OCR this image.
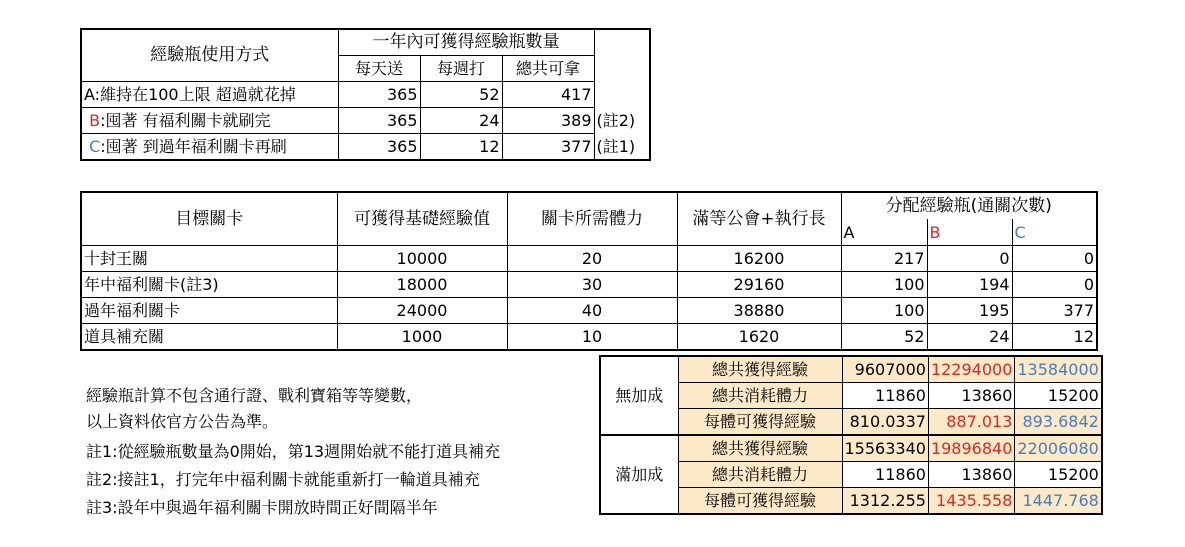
經驗瓶使用方式	一年內可獲得經驗瓶數量			
	每天送	每週打	總共可拿	
A:維持在100上限 超過就花掉	365	52	417	
B:囤著 有福利關卡就刷完	365	24	389	(註2)
C:囤著 到過年福利關卡再刷	365	12	377	(註1)
目標關卡	可獲得基礎經驗值	關卡所需體力	滿等公會+執行長	分配經驗瓶(通關次數)		
				A	B	C
十封王關	10000	20	16200	217	0	0
年中福利關卡(註3)	18000	30	29160	100	194	0
過年福利關卡	24000	40	38880	100	195	377
道具補充關	1000	10	1620	52	24	12
無加成	總共獲得經驗	9607000	12294000	13584000
	總共消耗體力	11860	13860	15200
	每體可獲得經驗	810.0337	887.013	893.6842
滿加成	總共獲得經驗	15563340	19896840	22006080
	總共消耗體力	11860	13860	15200
	每體可獲得經驗	1312.255	1435.558	1447.768
經驗瓶計算不包含通行證、戰利寶箱等等變數，
以上資料依官方公告為準。
註1:從經驗瓶數量為0開始，第13週開始就不能打道具補充
註2:接註1，打完年中福利關卡就能重新打一輪道具補充
註3:設年中與過年福利關卡開放時間正好間隔半年
